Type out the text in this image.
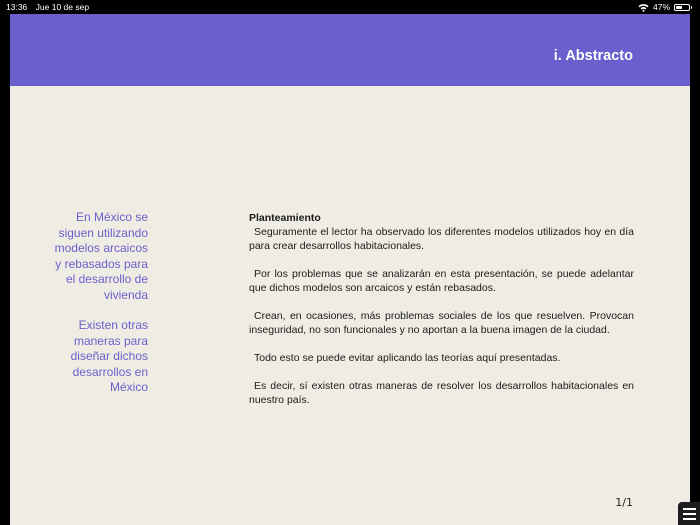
13:36 Jue 10 de sep	47%
i. Abstracto

En México se siguen utilizando modelos arcaicos y rebasados para el desarrollo de vivienda

Existen otras maneras para diseñar dichos desarrollos en México

Planteamiento

Seguramente el lector ha observado los diferentes modelos utilizados hoy en día para crear desarrollos habitacionales.

Por los problemas que se analizarán en esta presentación, se puede adelantar que dichos modelos son arcaicos y están rebasados.

Crean, en ocasiones, más problemas sociales de los que resuelven. Provocan inseguridad, no son funcionales y no aportan a la buena imagen de la ciudad.

Todo esto se puede evitar aplicando las teorías aquí presentadas.

Es decir, sí existen otras maneras de resolver los desarrollos habitacionales en nuestro país.

1/1
